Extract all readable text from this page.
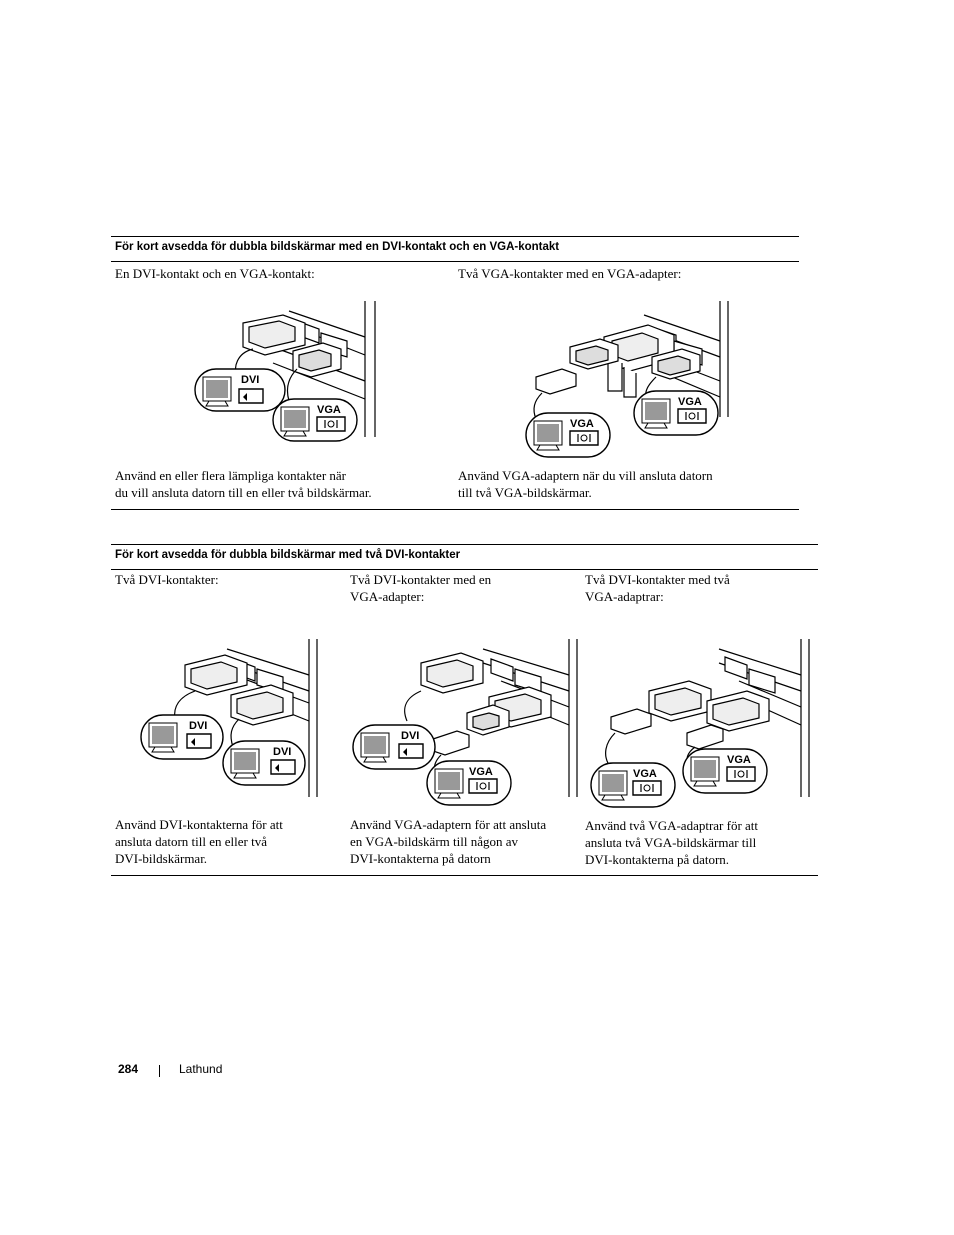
För kort avsedda för dubbla bildskärmar med en DVI-kontakt och en VGA-kontakt
En DVI-kontakt och en VGA-kontakt:
DVI
VGA
Använd en eller flera lämpliga kontakter när
du vill ansluta datorn till en eller två bildskärmar.
Två VGA-kontakter med en VGA-adapter:
VGA
VGA
Använd VGA-adaptern när du vill ansluta datorn
till två VGA-bildskärmar.
För kort avsedda för dubbla bildskärmar med två DVI-kontakter
Två DVI-kontakter:
DVI
DVI
Använd DVI-kontakterna för att
ansluta datorn till en eller två
DVI-bildskärmar.
Två DVI-kontakter med en
VGA-adapter:
DVI
VGA
Använd VGA-adaptern för att ansluta
en VGA-bildskärm till någon av
DVI-kontakterna på datorn
Två DVI-kontakter med två
VGA-adaptrar:
VGA
VGA
Använd två VGA-adaptrar för att
ansluta två VGA-bildskärmar till
DVI-kontakterna på datorn.
284	Lathund
